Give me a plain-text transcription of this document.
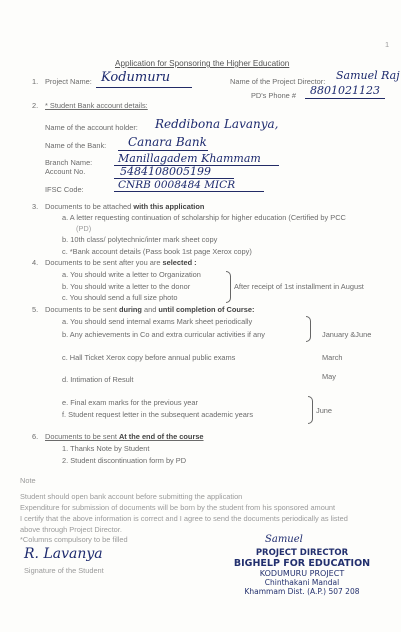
1
Application for Sponsoring the Higher Education
1. Project Name: Kodumuru	Name of the Project Director: Samuel Raj
PD's Phone # 8801021123
2. * Student Bank account details:
Name of the account holder: Reddibona Lavanya,
Name of the Bank: Canara Bank
Branch Name: Manillagadem Khammam
Account No.	5484108005199
IFSC Code:	CNRB 0008484 MICR
3. Documents to be attached with this application
a. A letter requesting continuation of scholarship for higher education (Certified by PCC
(PD)
b. 10th class/ polytechnic/inter mark sheet copy
c. *Bank account details (Pass book 1st page Xerox copy)
4. Documents to be sent after you are selected :
a. You should write a letter to Organization
b. You should write a letter to the donor
c. You should send a full size photo
After receipt of 1st installment in August
5. Documents to be sent during and until completion of Course:
a. You should send internal exams Mark sheet periodically
b. Any achievements in Co and extra curricular activities if any	January &June
c. Hall Ticket Xerox copy before annual public exams	March
d. Intimation of Result	May
e. Final exam marks for the previous year
f. Student request letter in the subsequent academic years	June
6. Documents to be sent At the end of the course
1. Thanks Note by Student
2. Student discontinuation form by PD
Note
Student should open bank account before submitting the application
Expenditure for submission of documents will be born by the student from his sponsored amount
I certify that the above information is correct and I agree to send the documents periodically as listed
above through Project Director.
*Columns compulsory to be filled
R. Lavanya
Signature of the Student
Samuel
PROJECT DIRECTOR
BIGHELP FOR EDUCATION
KODUMURU PROJECT
Chinthakani Mandal
Khammam Dist. (A.P.) 507 208
